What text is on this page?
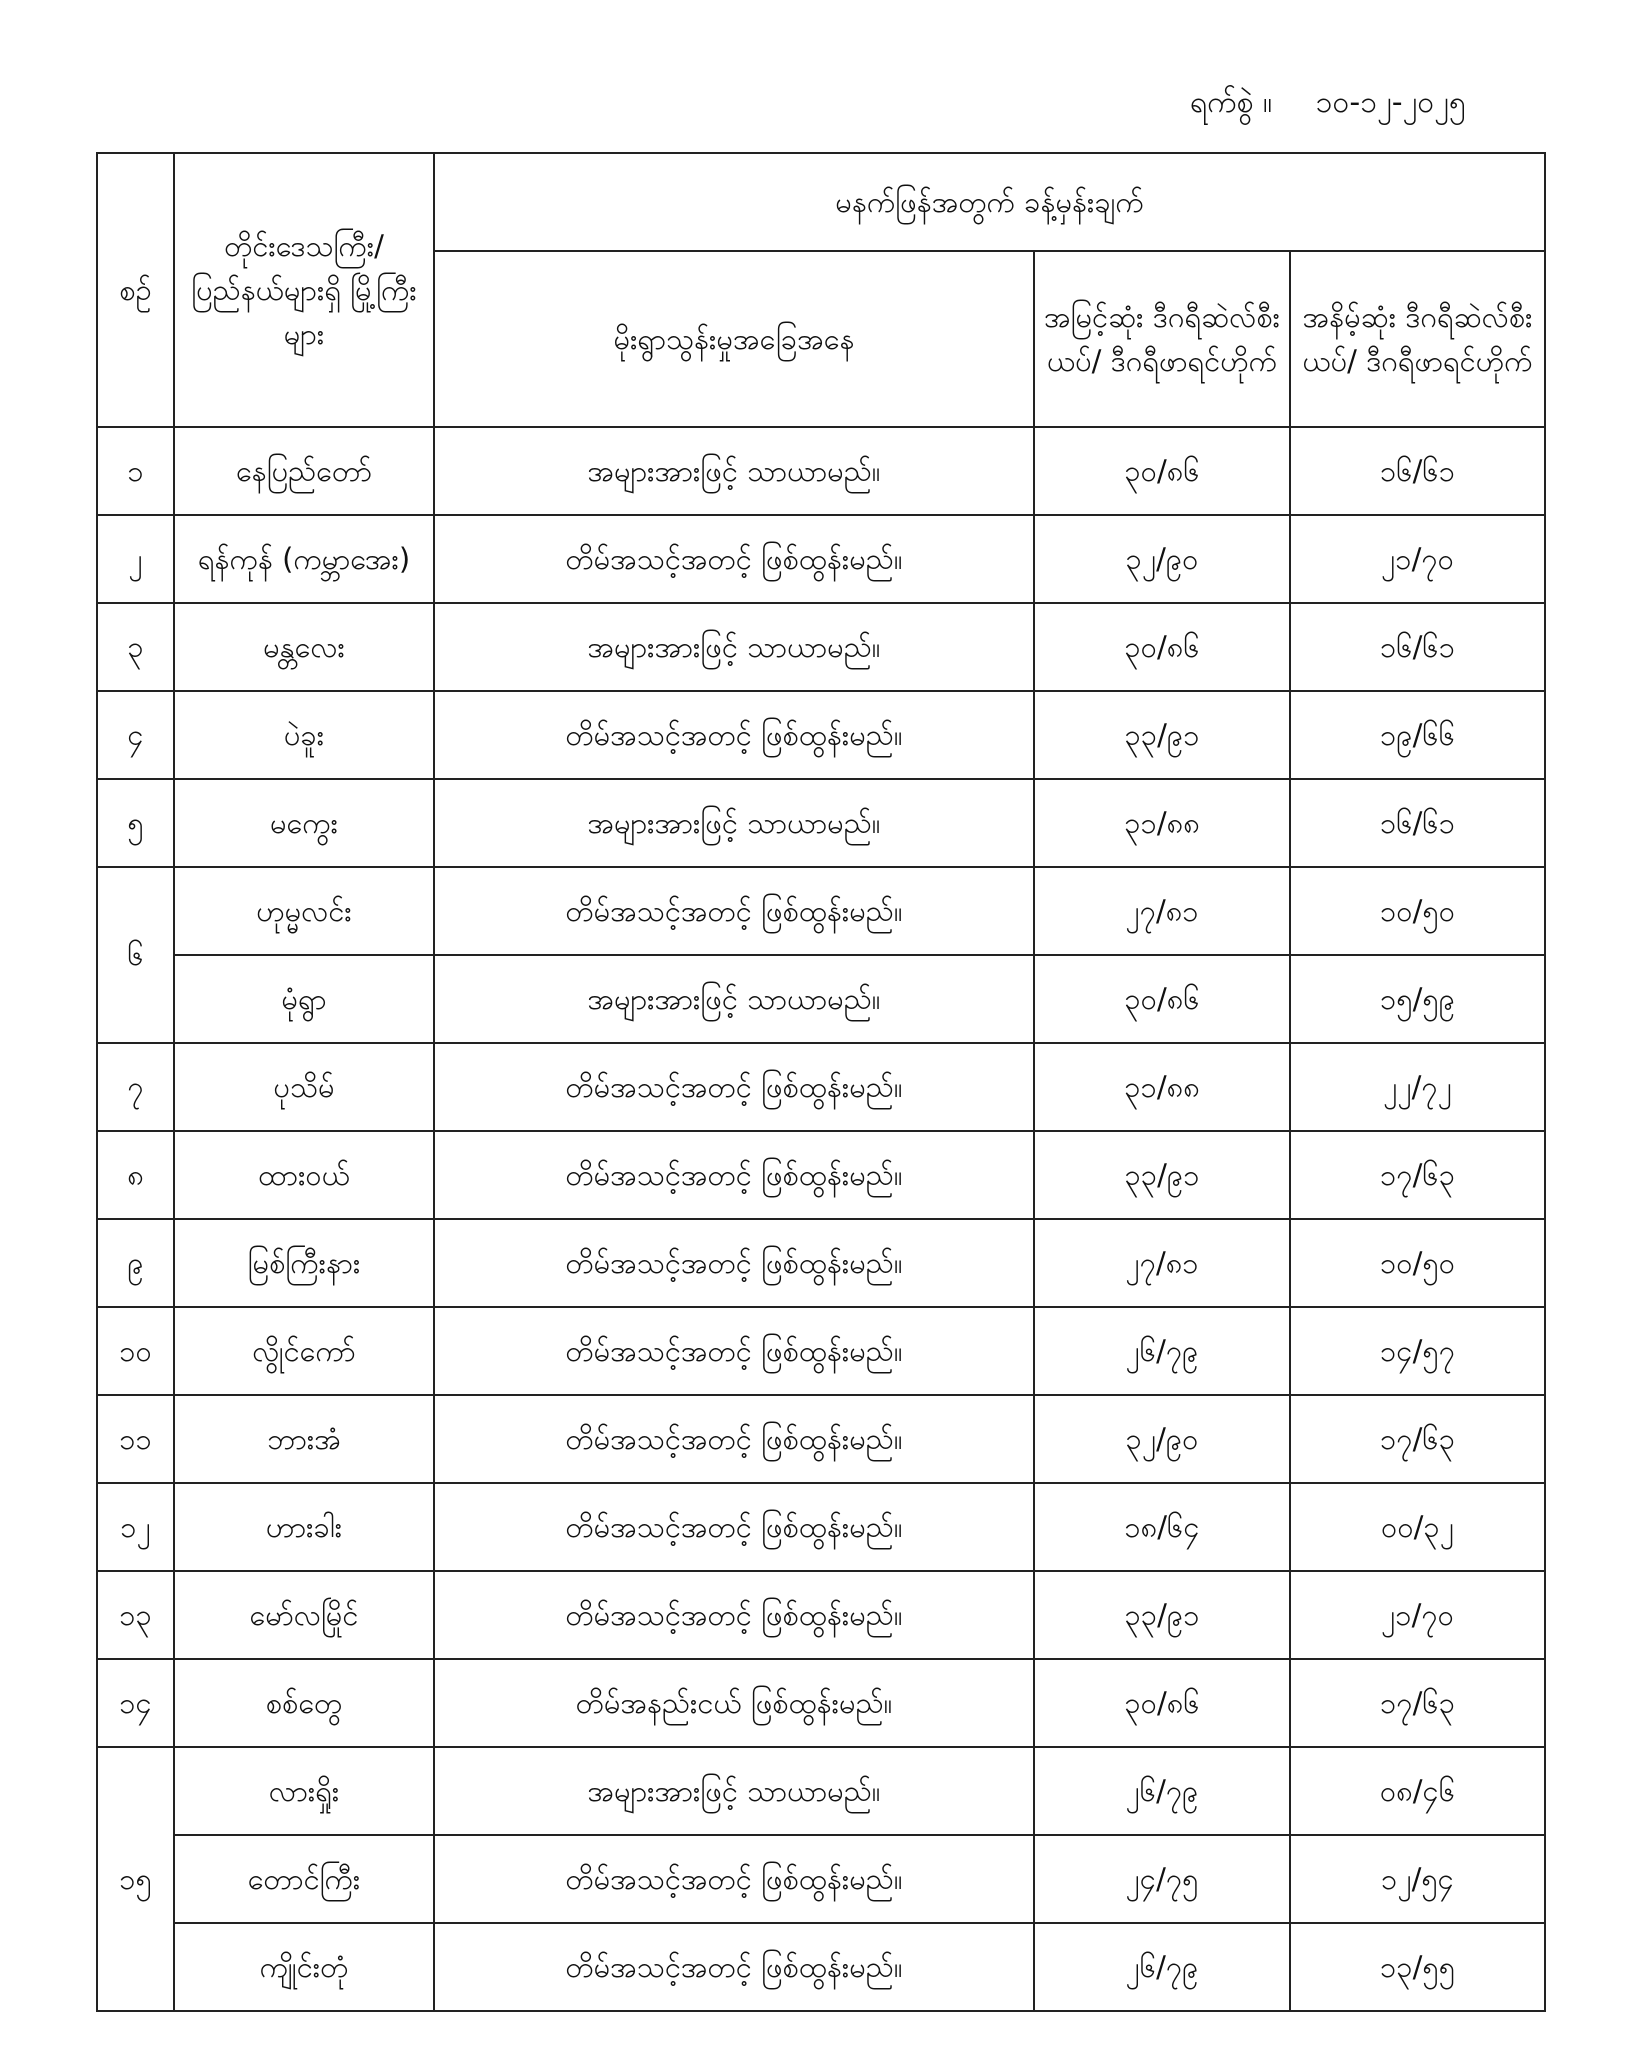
ရက်စွဲ ။ ၁၀-၁၂-၂၀၂၅
စဉ်	တိုင်းဒေသကြီး/ ပြည်နယ်များရှိ မြို့ကြီးများ	မနက်ဖြန်အတွက် ခန့်မှန်းချက်		
		မိုးရွာသွန်းမှုအခြေအနေ	အမြင့်ဆုံး ဒီဂရီဆဲလ်စီးယပ်/ ဒီဂရီဖာရင်ဟိုက်	အနိမ့်ဆုံး ဒီဂရီဆဲလ်စီးယပ်/ ဒီဂရီဖာရင်ဟိုက်
၁	နေပြည်တော်	အများအားဖြင့် သာယာမည်။	၃၀/၈၆	၁၆/၆၁
၂	ရန်ကုန် (ကမ္ဘာအေး)	တိမ်အသင့်အတင့် ဖြစ်ထွန်းမည်။	၃၂/၉၀	၂၁/၇၀
၃	မန္တလေး	အများအားဖြင့် သာယာမည်။	၃၀/၈၆	၁၆/၆၁
၄	ပဲခူး	တိမ်အသင့်အတင့် ဖြစ်ထွန်းမည်။	၃၃/၉၁	၁၉/၆၆
၅	မကွေး	အများအားဖြင့် သာယာမည်။	၃၁/၈၈	၁၆/၆၁
၆	ဟုမ္မလင်း	တိမ်အသင့်အတင့် ဖြစ်ထွန်းမည်။	၂၇/၈၁	၁၀/၅၀
	မုံရွာ	အများအားဖြင့် သာယာမည်။	၃၀/၈၆	၁၅/၅၉
၇	ပုသိမ်	တိမ်အသင့်အတင့် ဖြစ်ထွန်းမည်။	၃၁/၈၈	၂၂/၇၂
၈	ထားဝယ်	တိမ်အသင့်အတင့် ဖြစ်ထွန်းမည်။	၃၃/၉၁	၁၇/၆၃
၉	မြစ်ကြီးနား	တိမ်အသင့်အတင့် ဖြစ်ထွန်းမည်။	၂၇/၈၁	၁၀/၅၀
၁၀	လွိုင်ကော်	တိမ်အသင့်အတင့် ဖြစ်ထွန်းမည်။	၂၆/၇၉	၁၄/၅၇
၁၁	ဘားအံ	တိမ်အသင့်အတင့် ဖြစ်ထွန်းမည်။	၃၂/၉၀	၁၇/၆၃
၁၂	ဟားခါး	တိမ်အသင့်အတင့် ဖြစ်ထွန်းမည်။	၁၈/၆၄	၀၀/၃၂
၁၃	မော်လမြိုင်	တိမ်အသင့်အတင့် ဖြစ်ထွန်းမည်။	၃၃/၉၁	၂၁/၇၀
၁၄	စစ်တွေ	တိမ်အနည်းငယ် ဖြစ်ထွန်းမည်။	၃၀/၈၆	၁၇/၆၃
၁၅	လားရှိုး	အများအားဖြင့် သာယာမည်။	၂၆/၇၉	၀၈/၄၆
	တောင်ကြီး	တိမ်အသင့်အတင့် ဖြစ်ထွန်းမည်။	၂၄/၇၅	၁၂/၅၄
	ကျိုင်းတုံ	တိမ်အသင့်အတင့် ဖြစ်ထွန်းမည်။	၂၆/၇၉	၁၃/၅၅
